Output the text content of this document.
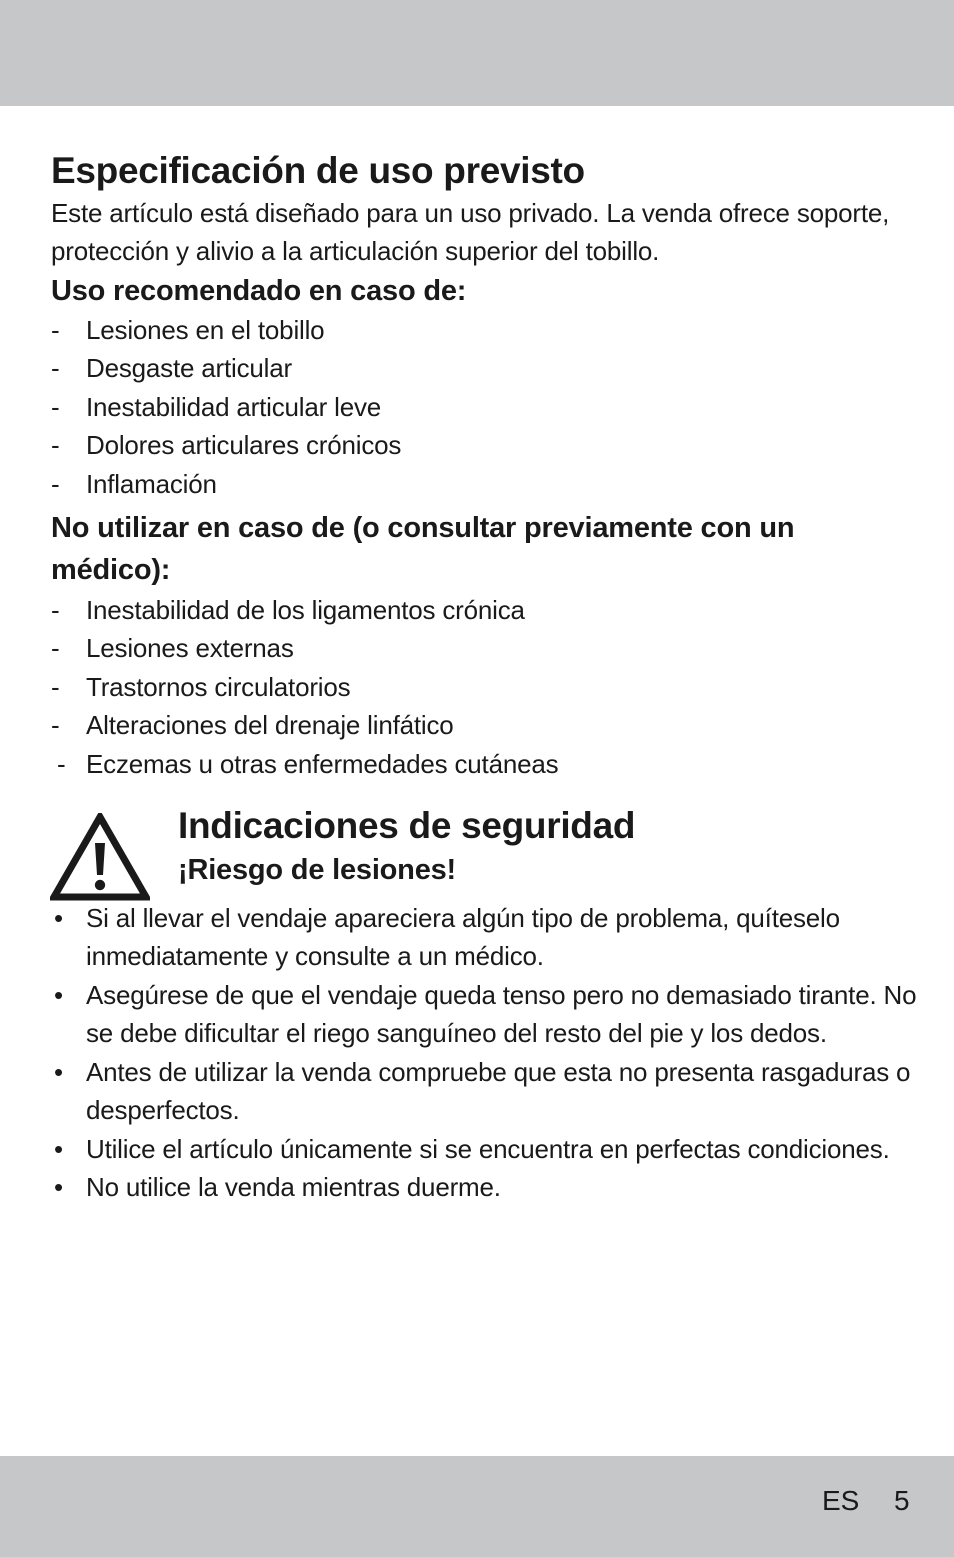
Especificación de uso previsto

Este artículo está diseñado para un uso privado. La venda ofrece soporte, protección y alivio a la articulación superior del tobillo.

Uso recomendado en caso de:
- Lesiones en el tobillo
- Desgaste articular
- Inestabilidad articular leve
- Dolores articulares crónicos
- Inflamación
No utilizar en caso de (o consultar previamente con un médico):
- Inestabilidad de los ligamentos crónica
- Lesiones externas
- Trastornos circulatorios
- Alteraciones del drenaje linfático
- Eczemas u otras enfermedades cutáneas
Indicaciones de seguridad
¡Riesgo de lesiones!
• Si al llevar el vendaje apareciera algún tipo de problema, quíteselo inmediatamente y consulte a un médico.
• Asegúrese de que el vendaje queda tenso pero no demasiado tirante. No se debe dificultar el riego sanguíneo del resto del pie y los dedos.
• Antes de utilizar la venda compruebe que esta no presenta rasgaduras o desperfectos.
• Utilice el artículo únicamente si se encuentra en perfectas condiciones.
• No utilice la venda mientras duerme.
ES 5
